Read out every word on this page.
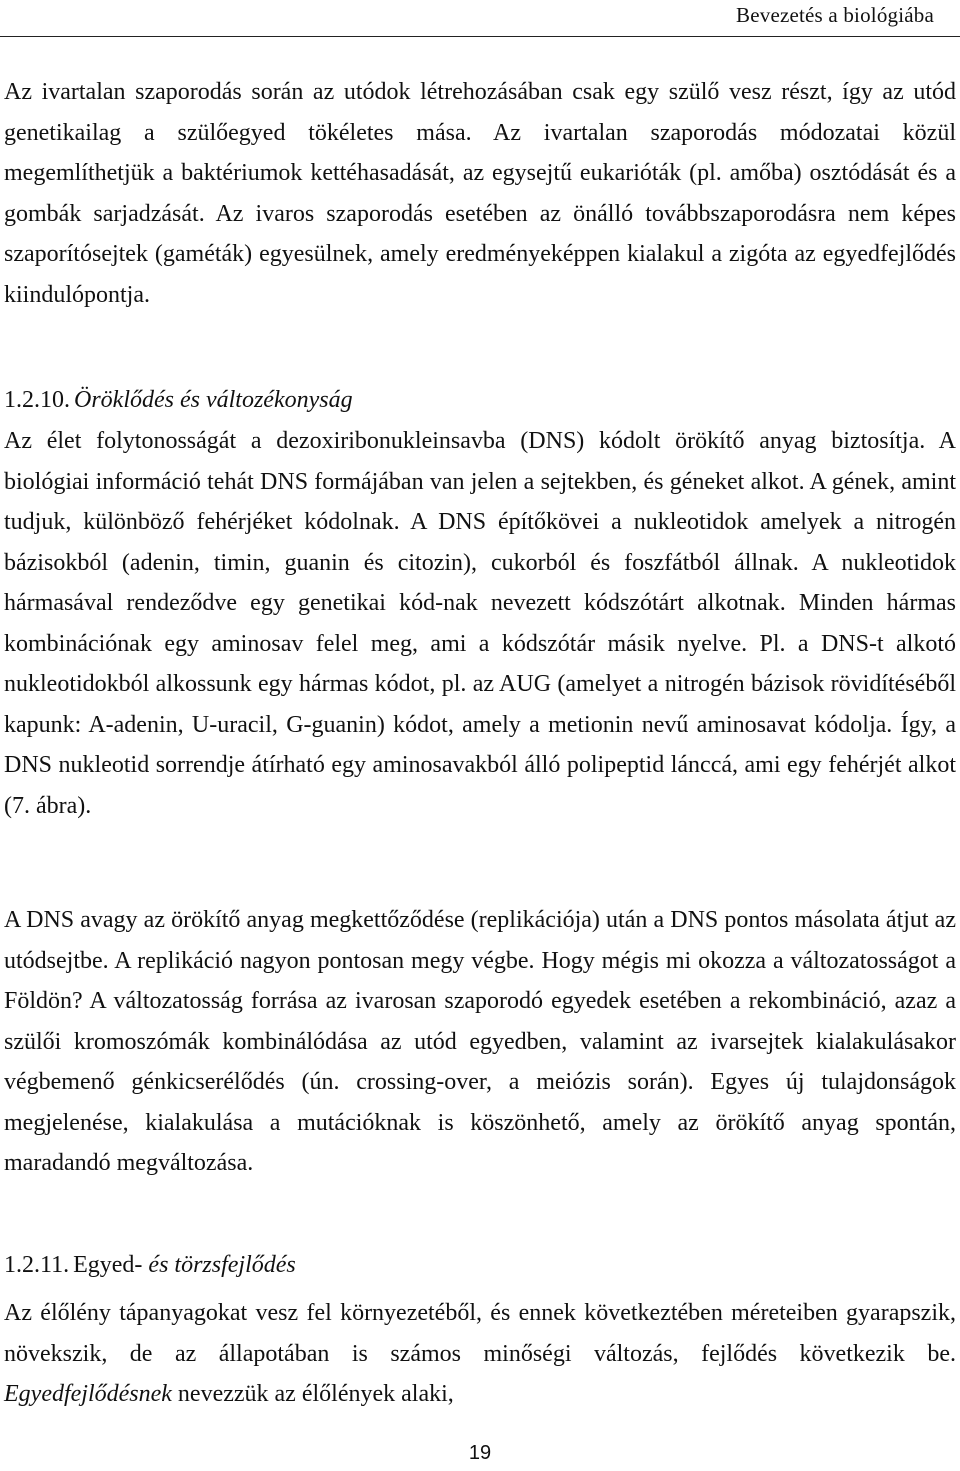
Bevezetés a biológiába

Az ivartalan szaporodás során az utódok létrehozásában csak egy szülő vesz részt, így az utód genetikailag a szülőegyed tökéletes mása. Az ivartalan szaporodás módozatai közül megemlíthetjük a baktériumok kettéhasadását, az egysejtű eukarióták (pl. amőba) osztódását és a gombák sarjadzását. Az ivaros szaporodás esetében az önálló továbbszaporodásra nem képes szaporítósejtek (gaméták) egyesülnek, amely eredményeképpen kialakul a zigóta az egyedfejlődés kiindulópontja.

1.2.10. Öröklődés és változékonyság

Az élet folytonosságát a dezoxiribonukleinsavba (DNS) kódolt örökítő anyag biztosítja. A biológiai információ tehát DNS formájában van jelen a sejtekben, és géneket alkot. A gének, amint tudjuk, különböző fehérjéket kódolnak. A DNS építőkövei a nukleotidok amelyek a nitrogén bázisokból (adenin, timin, guanin és citozin), cukorból és foszfátból állnak. A nukleotidok hármasával rendeződve egy genetikai kód-nak nevezett kódszótárt alkotnak. Minden hármas kombinációnak egy aminosav felel meg, ami a kódszótár másik nyelve. Pl. a DNS-t alkotó nukleotidokból alkossunk egy hármas kódot, pl. az AUG (amelyet a nitrogén bázisok rövidítéséből kapunk: A-adenin, U-uracil, G-guanin) kódot, amely a metionin nevű aminosavat kódolja. Így, a DNS nukleotid sorrendje átírható egy aminosavakból álló polipeptid lánccá, ami egy fehérjét alkot (7. ábra).

A DNS avagy az örökítő anyag megkettőződése (replikációja) után a DNS pontos másolata átjut az utódsejtbe. A replikáció nagyon pontosan megy végbe. Hogy mégis mi okozza a változatosságot a Földön? A változatosság forrása az ivarosan szaporodó egyedek esetében a rekombináció, azaz a szülői kromoszómák kombinálódása az utód egyedben, valamint az ivarsejtek kialakulásakor végbemenő génkicserélődés (ún. crossing-over, a meiózis során). Egyes új tulajdonságok megjelenése, kialakulása a mutációknak is köszönhető, amely az örökítő anyag spontán, maradandó megváltozása.

1.2.11. Egyed- és törzsfejlődés

Az élőlény tápanyagokat vesz fel környezetéből, és ennek következtében méreteiben gyarapszik, növekszik, de az állapotában is számos minőségi változás, fejlődés következik be. Egyedfejlődésnek nevezzük az élőlények alaki,

19
